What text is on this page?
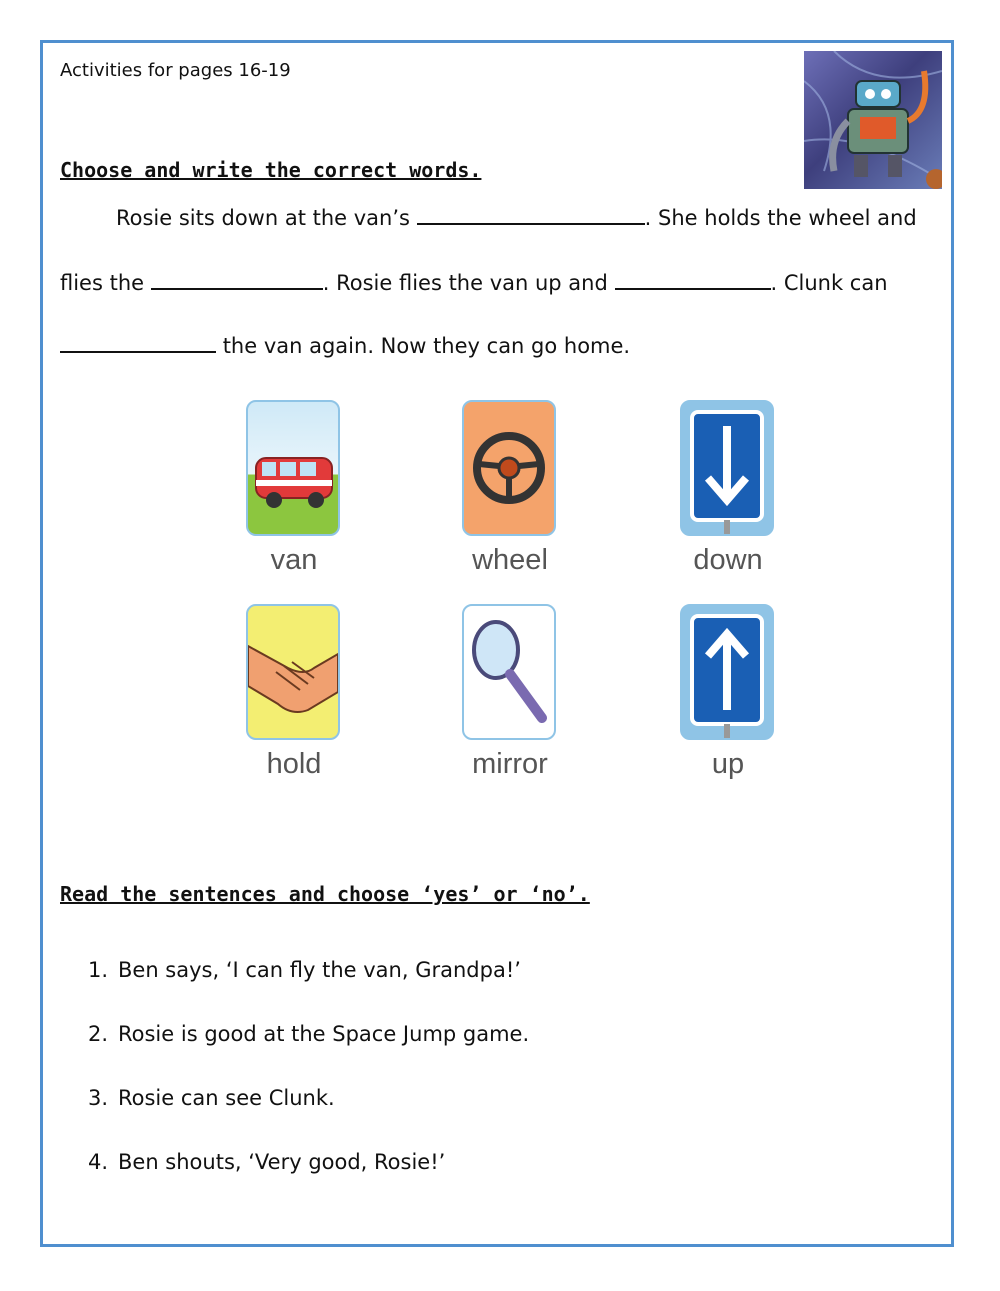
Activities for pages 16-19
Choose and write the correct words.
Rosie sits down at the van’s	. She holds the wheel and
flies the	. Rosie flies the van up and	. Clunk can
the van again. Now they can go home.
van	wheel	down
hold	mirror	up
Read the sentences and choose ‘yes’ or ‘no’.
1. Ben says, ‘I can fly the van, Grandpa!’
2. Rosie is good at the Space Jump game.
3. Rosie can see Clunk.
4. Ben shouts, ‘Very good, Rosie!’
